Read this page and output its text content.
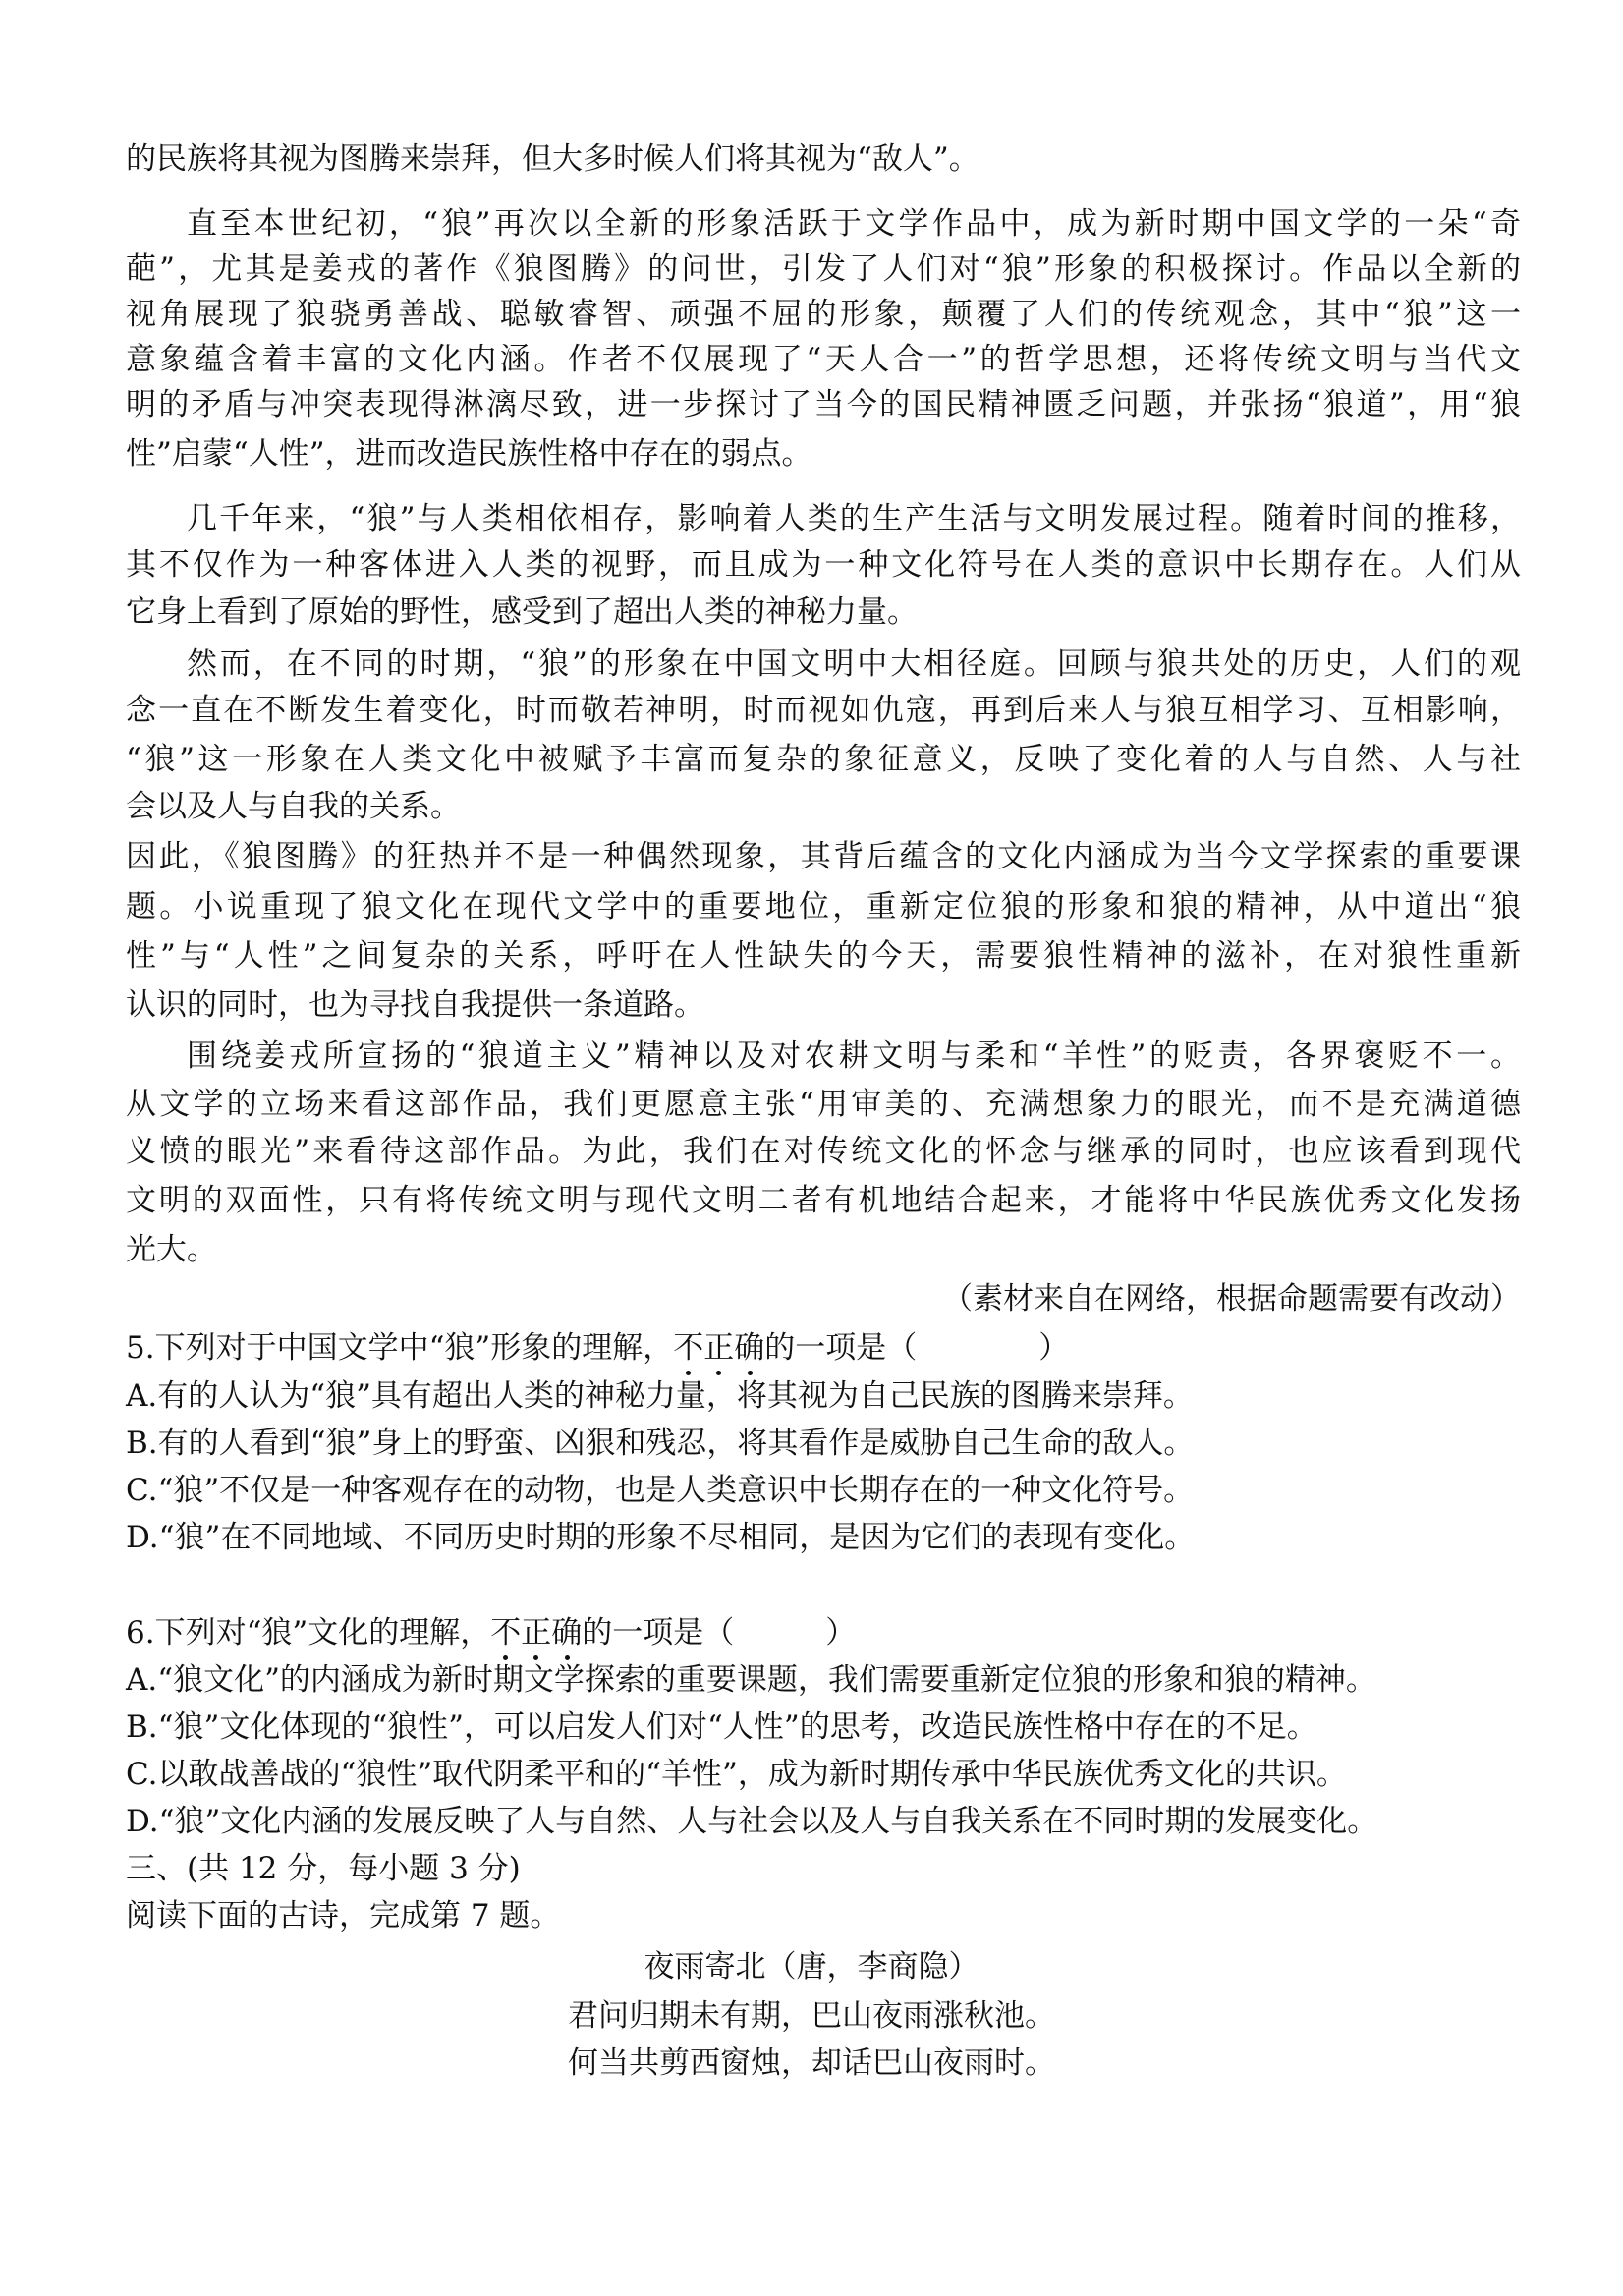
的民族将其视为图腾来崇拜，但大多时候人们将其视为“敌人”。
直至本世纪初，“狼”再次以全新的形象活跃于文学作品中，成为新时期中国文学的一朵“奇
葩”，尤其是姜戎的著作《狼图腾》的问世，引发了人们对“狼”形象的积极探讨。作品以全新的
视角展现了狼骁勇善战、聪敏睿智、顽强不屈的形象，颠覆了人们的传统观念，其中“狼”这一
意象蕴含着丰富的文化内涵。作者不仅展现了“天人合一”的哲学思想，还将传统文明与当代文
明的矛盾与冲突表现得淋漓尽致，进一步探讨了当今的国民精神匮乏问题，并张扬“狼道”，用“狼
性”启蒙“人性”，进而改造民族性格中存在的弱点。
几千年来，“狼”与人类相依相存，影响着人类的生产生活与文明发展过程。随着时间的推移，
其不仅作为一种客体进入人类的视野，而且成为一种文化符号在人类的意识中长期存在。人们从
它身上看到了原始的野性，感受到了超出人类的神秘力量。
然而，在不同的时期，“狼”的形象在中国文明中大相径庭。回顾与狼共处的历史，人们的观
念一直在不断发生着变化，时而敬若神明，时而视如仇寇，再到后来人与狼互相学习、互相影响，
“狼”这一形象在人类文化中被赋予丰富而复杂的象征意义，反映了变化着的人与自然、人与社
会以及人与自我的关系。
因此，《狼图腾》的狂热并不是一种偶然现象，其背后蕴含的文化内涵成为当今文学探索的重要课
题。小说重现了狼文化在现代文学中的重要地位，重新定位狼的形象和狼的精神，从中道出“狼
性”与“人性”之间复杂的关系，呼吁在人性缺失的今天，需要狼性精神的滋补，在对狼性重新
认识的同时，也为寻找自我提供一条道路。
围绕姜戎所宣扬的“狼道主义”精神以及对农耕文明与柔和“羊性”的贬责，各界褒贬不一。
从文学的立场来看这部作品，我们更愿意主张“用审美的、充满想象力的眼光，而不是充满道德
义愤的眼光”来看待这部作品。为此，我们在对传统文化的怀念与继承的同时，也应该看到现代
文明的双面性，只有将传统文明与现代文明二者有机地结合起来，才能将中华民族优秀文化发扬
光大。
（素材来自在网络，根据命题需要有改动）
5.下列对于中国文学中“狼”形象的理解，不正确
的一项是（　　　　）
A.有的人认为“狼”具有超出人类的神秘力量，将其视为自己民族的图腾来崇拜。
B.有的人看到“狼”身上的野蛮、凶狠和残忍，将其看作是威胁自己生命的敌人。
C.“狼”不仅是一种客观存在的动物，也是人类意识中长期存在的一种文化符号。
D.“狼”在不同地域、不同历史时期的形象不尽相同，是因为它们的表现有变化。
6.下列对“狼”文化的理解，不正确
的一项是（　　　）
A.“狼文化”的内涵成为新时期文学探索的重要课题，我们需要重新定位狼的形象和狼的精神。
B.“狼”文化体现的“狼性”，可以启发人们对“人性”的思考，改造民族性格中存在的不足。
C.以敢战善战的“狼性”取代阴柔平和的“羊性”，成为新时期传承中华民族优秀文化的共识。
D.“狼”文化内涵的发展反映了人与自然、人与社会以及人与自我关系在不同时期的发展变化。
三、(共 12 分，每小题 3 分)
阅读下面的古诗，完成第 7 题。
夜雨寄北（唐，李商隐）
君问归期未有期，巴山夜雨涨秋池。
何当共剪西窗烛，却话巴山夜雨时。
